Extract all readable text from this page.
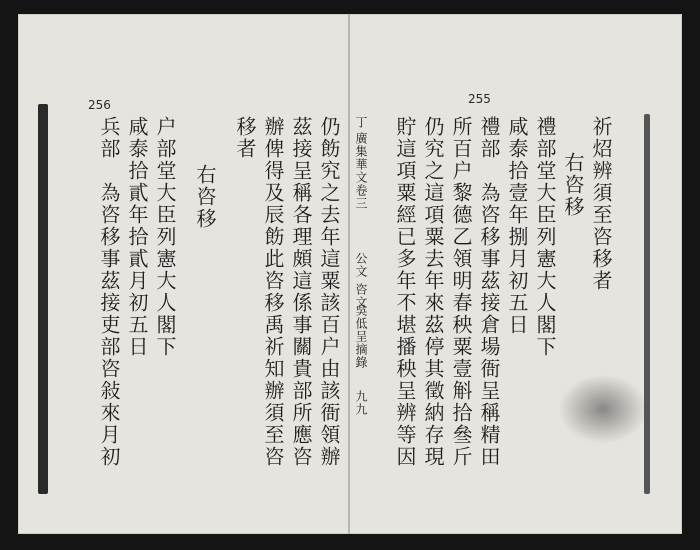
256	255
祈炤辨須至咨移者
右咨移
禮部堂大臣列憲大人閣下
咸泰拾壹年捌月初五日
禮部　為咨移事茲接倉場衙呈稱精田
所百户黎德乙領明春秧粟壹斛拾叄斤
仍究之這項粟去年來茲停其徵納存現
貯這項粟經已多年不堪播秧呈辨等因
丁
廣集華文卷三
公文 咨文
吳低呈摘錄
九九
仍飭究之去年這粟該百户由該衙領辦
茲接呈稱各理頗這係事關貴部所應咨
辦俾得及辰飭此咨移禹祈知辦須至咨
移者
右咨移
户部堂大臣列憲大人閣下
咸泰拾貳年拾貳月初五日
兵部　為咨移事茲接吏部咨敍來月初
